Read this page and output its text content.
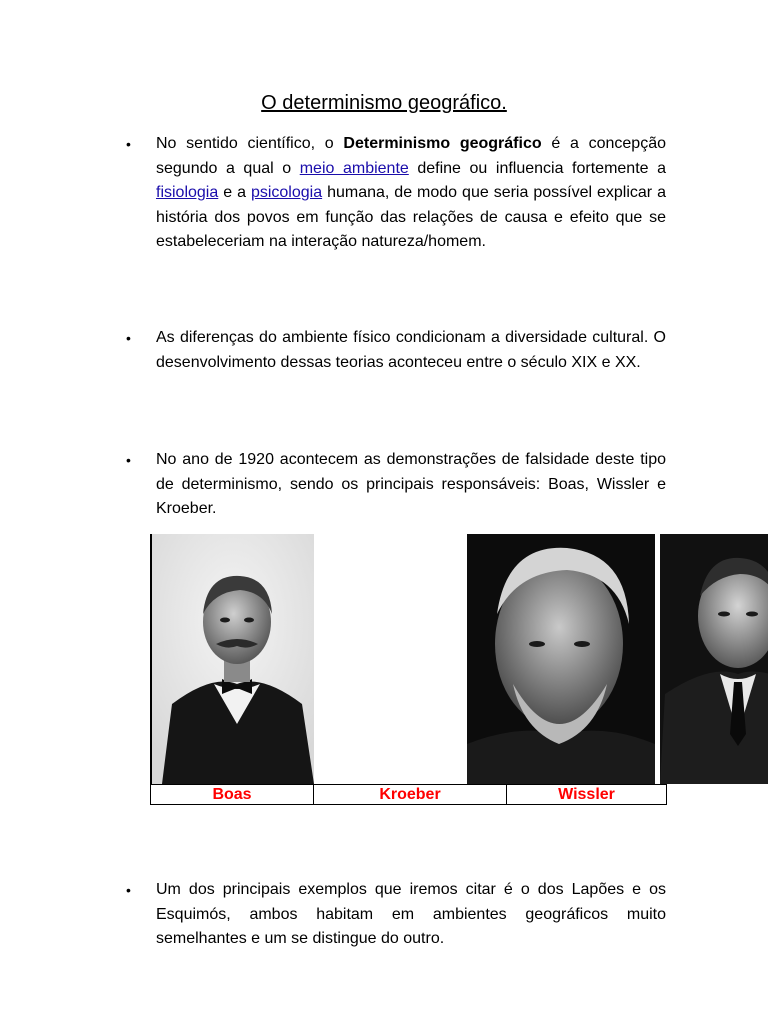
O determinismo geográfico.
•	No sentido científico, o Determinismo geográfico é a concepção segundo a qual o meio ambiente define ou influencia fortemente a fisiologia e a psicologia humana, de modo que seria possível explicar a história dos povos em função das relações de causa e efeito que se estabeleceriam na interação natureza/homem.
•	As diferenças do ambiente físico condicionam a diversidade cultural. O desenvolvimento dessas teorias aconteceu entre o século XIX e XX.
•	No ano de 1920 acontecem as demonstrações de falsidade deste tipo de determinismo, sendo os principais responsáveis: Boas, Wissler e Kroeber.
Boas	Kroeber	Wissler
•	Um dos principais exemplos que iremos citar é o dos Lapões e os Esquimós, ambos habitam em ambientes geográficos muito semelhantes e um se distingue do outro.
